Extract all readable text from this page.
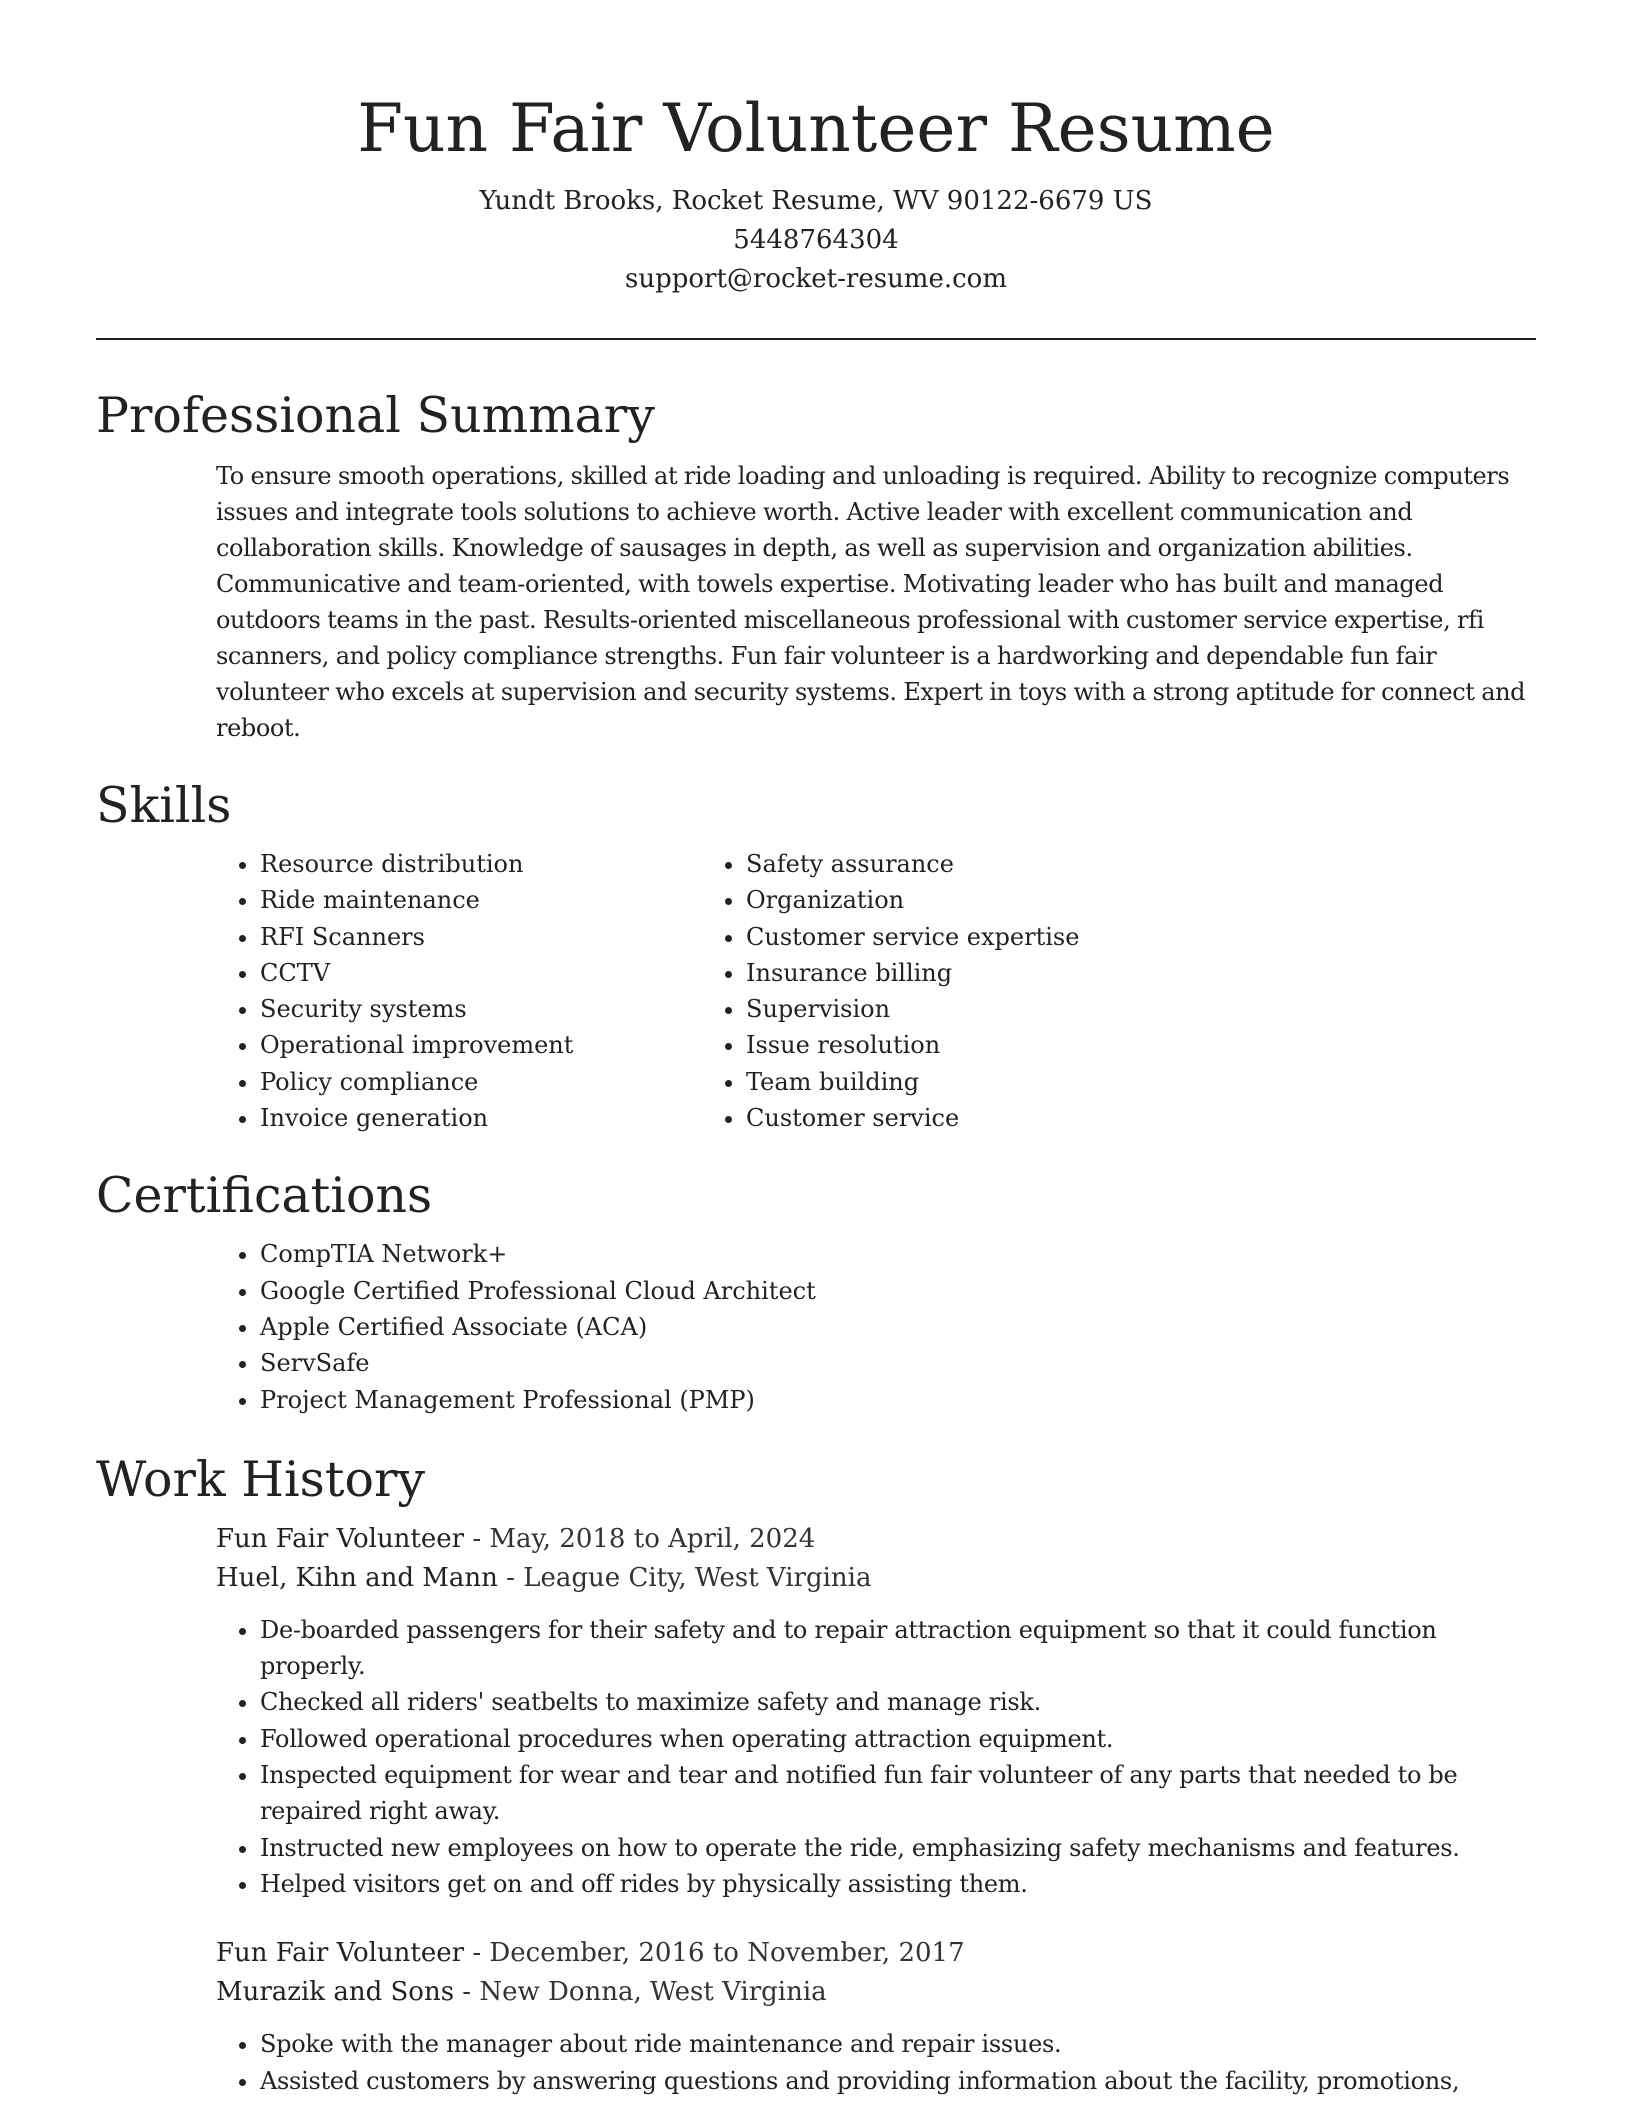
Fun Fair Volunteer Resume
Yundt Brooks, Rocket Resume, WV 90122-6679 US
5448764304
support@rocket-resume.com
Professional Summary

To ensure smooth operations, skilled at ride loading and unloading is required. Ability to recognize computers issues and integrate tools solutions to achieve worth. Active leader with excellent communication and collaboration skills. Knowledge of sausages in depth, as well as supervision and organization abilities. Communicative and team-oriented, with towels expertise. Motivating leader who has built and managed outdoors teams in the past. Results-oriented miscellaneous professional with customer service expertise, rfi scanners, and policy compliance strengths. Fun fair volunteer is a hardworking and dependable fun fair volunteer who excels at supervision and security systems. Expert in toys with a strong aptitude for connect and reboot.

Skills
• Resource distribution
• Ride maintenance
• RFI Scanners
• CCTV
• Security systems
• Operational improvement
• Policy compliance
• Invoice generation
• Safety assurance
• Organization
• Customer service expertise
• Insurance billing
• Supervision
• Issue resolution
• Team building
• Customer service
Certifications
• CompTIA Network+
• Google Certified Professional Cloud Architect
• Apple Certified Associate (ACA)
• ServSafe
• Project Management Professional (PMP)
Work History
Fun Fair Volunteer - May, 2018 to April, 2024
Huel, Kihn and Mann - League City, West Virginia
• De-boarded passengers for their safety and to repair attraction equipment so that it could function properly.
• Checked all riders' seatbelts to maximize safety and manage risk.
• Followed operational procedures when operating attraction equipment.
• Inspected equipment for wear and tear and notified fun fair volunteer of any parts that needed to be repaired right away.
• Instructed new employees on how to operate the ride, emphasizing safety mechanisms and features.
• Helped visitors get on and off rides by physically assisting them.
Fun Fair Volunteer - December, 2016 to November, 2017
Murazik and Sons - New Donna, West Virginia
• Spoke with the manager about ride maintenance and repair issues.
• Assisted customers by answering questions and providing information about the facility, promotions,
